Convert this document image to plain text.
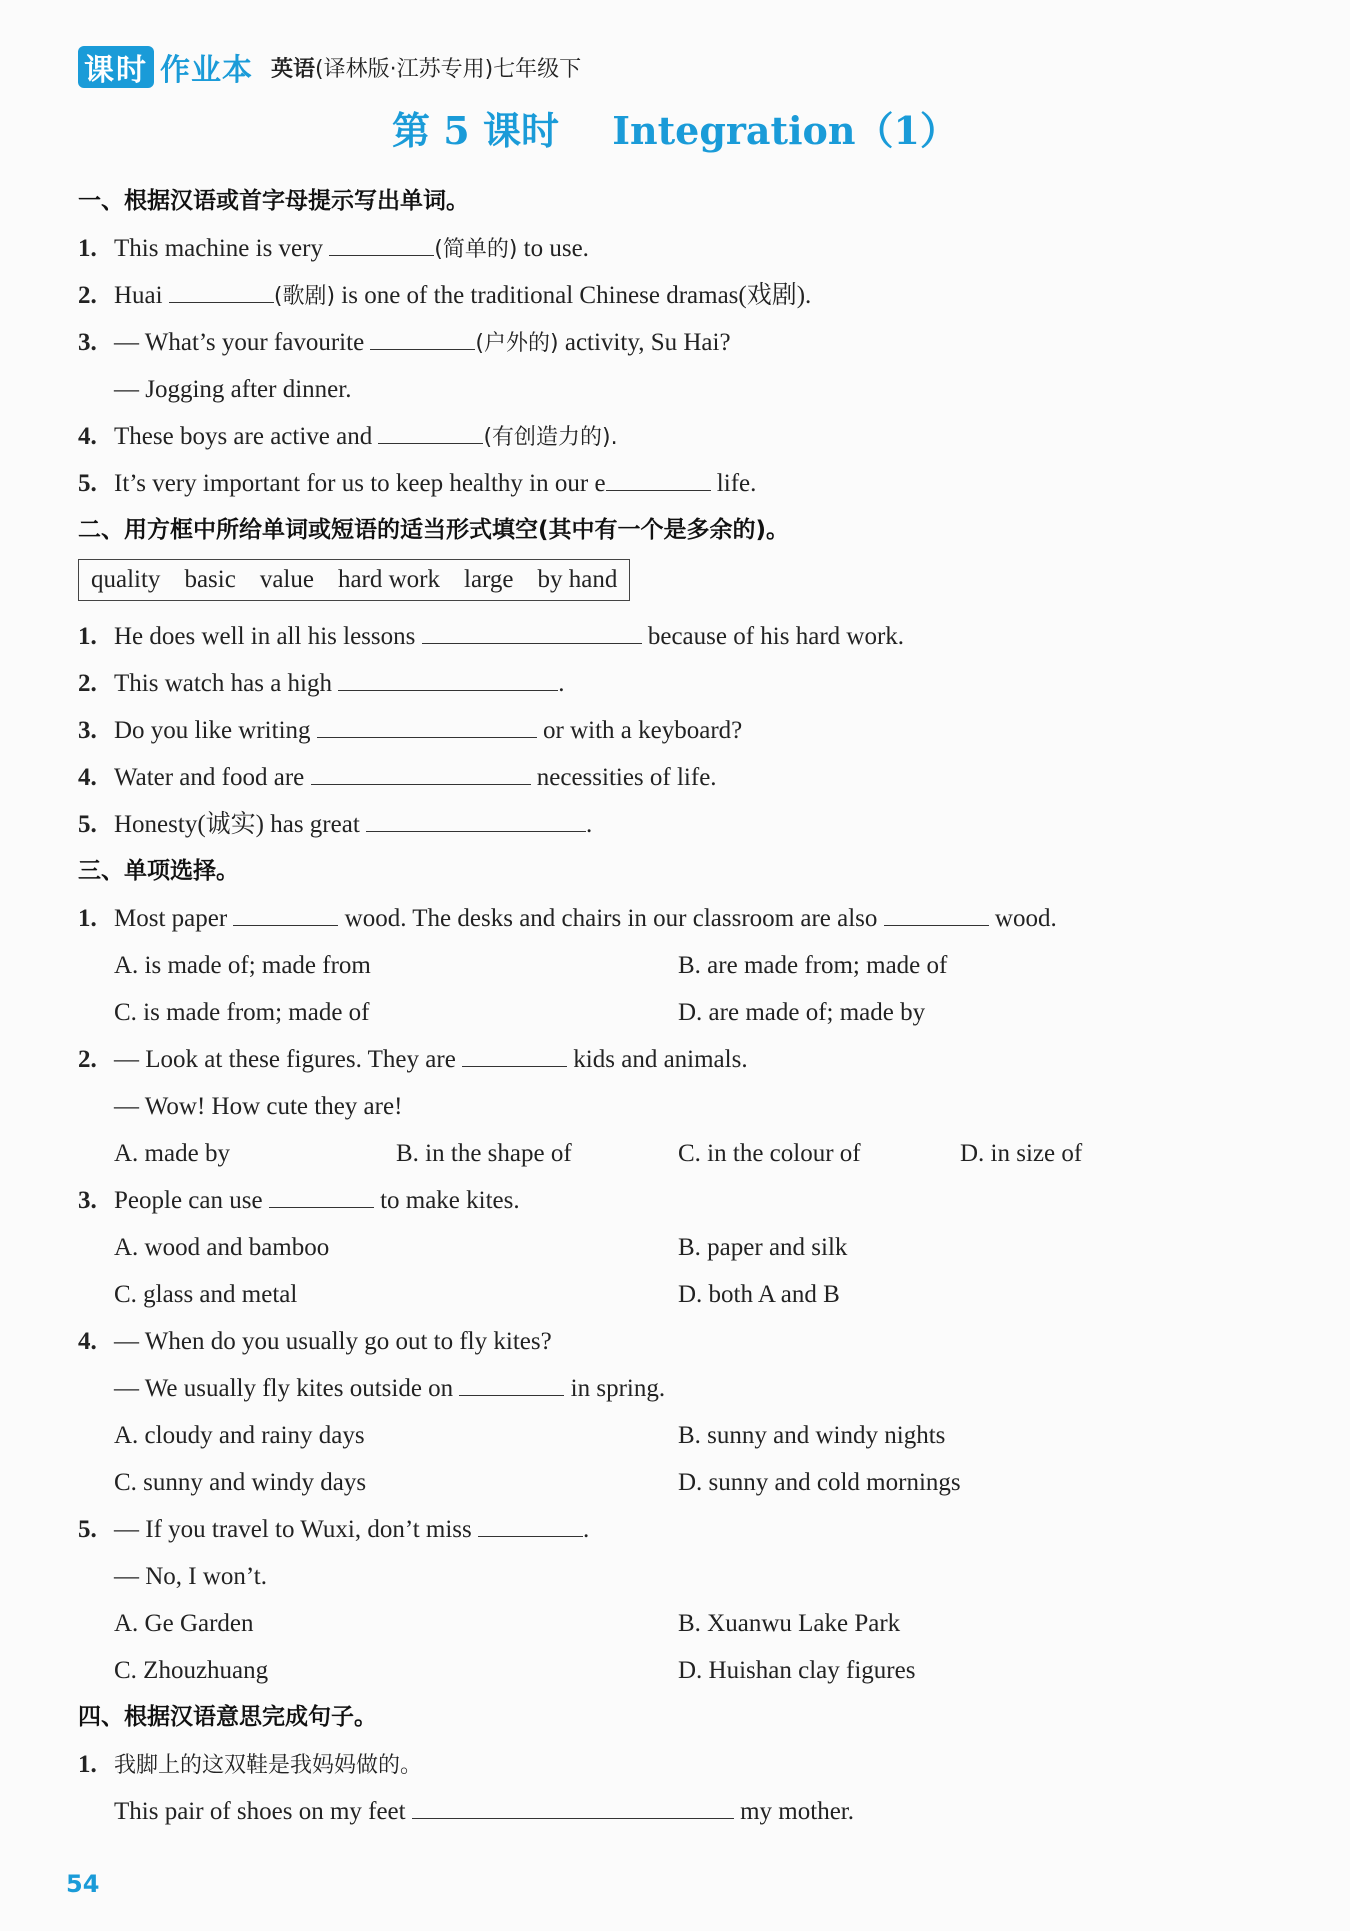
课时 作业本 英语(译林版·江苏专用)七年级下
第 5 课时 Integration（1）
一、根据汉语或首字母提示写出单词。
1. This machine is very	(简单的) to use.
2. Huai	(歌剧) is one of the traditional Chinese dramas(戏剧).
3. — What’s your favourite	(户外的) activity, Su Hai?
— Jogging after dinner.
4. These boys are active and	(有创造力的).
5. It’s very important for us to keep healthy in our e	life.
二、用方框中所给单词或短语的适当形式填空(其中有一个是多余的)。
quality basic value hard work large by hand
1. He does well in all his lessons	because of his hard work.
2. This watch has a high	.
3. Do you like writing	or with a keyboard?
4. Water and food are	necessities of life.
5. Honesty(诚实) has great	.
三、单项选择。
1. Most paper	wood. The desks and chairs in our classroom are also	wood.
A. is made of; made from	B. are made from; made of
C. is made from; made of	D. are made of; made by
2. — Look at these figures. They are	kids and animals.
— Wow! How cute they are!
A. made by	B. in the shape of	C. in the colour of	D. in size of
3. People can use	to make kites.
A. wood and bamboo	B. paper and silk
C. glass and metal	D. both A and B
4. — When do you usually go out to fly kites?
— We usually fly kites outside on	in spring.
A. cloudy and rainy days	B. sunny and windy nights
C. sunny and windy days	D. sunny and cold mornings
5. — If you travel to Wuxi, don’t miss	.
— No, I won’t.
A. Ge Garden	B. Xuanwu Lake Park
C. Zhouzhuang	D. Huishan clay figures
四、根据汉语意思完成句子。
1. 我脚上的这双鞋是我妈妈做的。
This pair of shoes on my feet	my mother.
54
